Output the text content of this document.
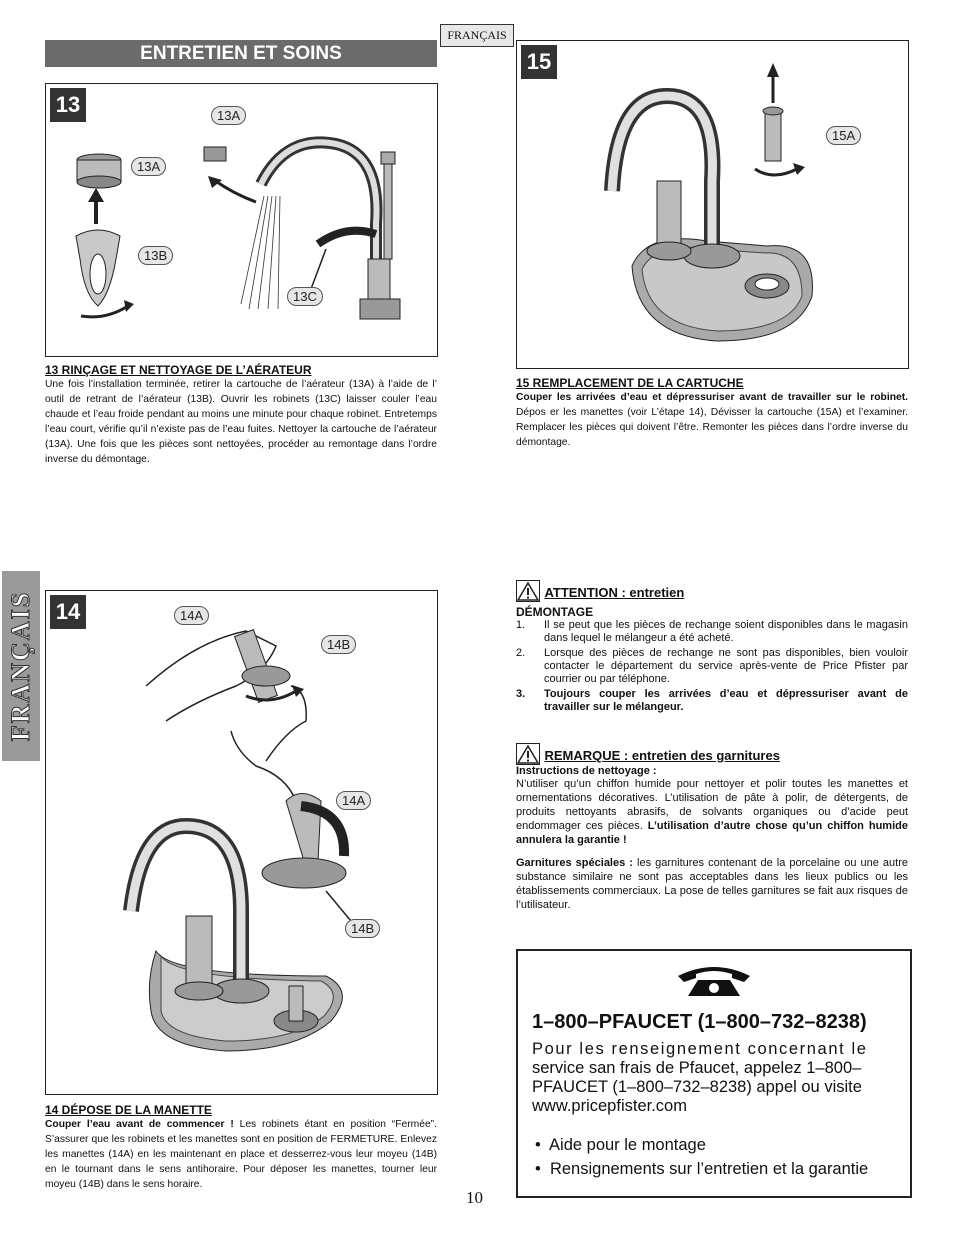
ENTRETIEN ET SOINS
FRANÇAIS
FRANÇAIS
13	13A
13A
13B
13C
13 RINÇAGE ET NETTOYAGE DE L’AÉRATEUR
Une fois l’installation terminée, retirer la cartouche de l’aérateur (13A) à l’aide de l’ outil de retrant de l’aérateur (13B). Ouvrir les robinets (13C) laisser couler l’eau chaude et l’eau froide pendant au moins une minute pour chaque robinet. Entretemps l’eau court, vérifie qu’il n’existe pas de l’eau fuites. Nettoyer la cartouche de l’aérateur (13A). Une fois que les pièces sont nettoyées, procéder au remontage dans l’ordre inverse du démontage.
15
15A
15 REMPLACEMENT DE LA CARTUCHE
Couper les arrivées d’eau et dépressuriser avant de travailler sur le robinet. Dépos er les manettes (voir L’étape 14), Dévisser la cartouche (15A) et l’examiner. Remplacer les pièces qui doivent l’être. Remonter les pièces dans l’ordre inverse du démontage.
14	14A
14B
14A
14B
14 DÉPOSE DE LA MANETTE
Couper l’eau avant de commencer ! Les robinets étant en position “Fermée”. S’assurer que les robinets et les manettes sont en position de FERMETURE. Enlevez les manettes (14A) en les maintenant en place et desserrez-vous leur moyeu (14B) en le tournant dans le sens antihoraire. Pour déposer les manettes, tourner leur moyeu (14B) dans le sens horaire.
ATTENTION : entretien
DÉMONTAGE
1. Il se peut que les pièces de rechange soient disponibles dans le magasin dans lequel le mélangeur a été acheté.
2. Lorsque des pièces de rechange ne sont pas disponibles, bien vouloir contacter le département du service après-vente de Price Pfister par courrier ou par téléphone.
3. Toujours couper les arrivées d’eau et dépressuriser avant de travailler sur le mélangeur.
REMARQUE : entretien des garnitures
Instructions de nettoyage :
N’utiliser qu’un chiffon humide pour nettoyer et polir toutes les manettes et ornementations décoratives. L’utilisation de pâte à polir, de détergents, de produits nettoyants abrasifs, de solvants organiques ou d’acide peut endommager ces pièces. L’utilisation d’autre chose qu’un chiffon humide annulera la garantie !
Garnitures spéciales : les garnitures contenant de la porcelaine ou une autre substance similaire ne sont pas acceptables dans les lieux publics ou les établissements commerciaux. La pose de telles garnitures se fait aux risques de l’utilisateur.
1–800–PFAUCET (1–800–732–8238)
Pour les renseignement concernant le
service san frais de Pfaucet, appelez 1–800–
PFAUCET (1–800–732–8238) appel ou visite
www.pricepfister.com
•  Aide pour le montage
•  Rensignements sur l’entretien et la garantie
10
